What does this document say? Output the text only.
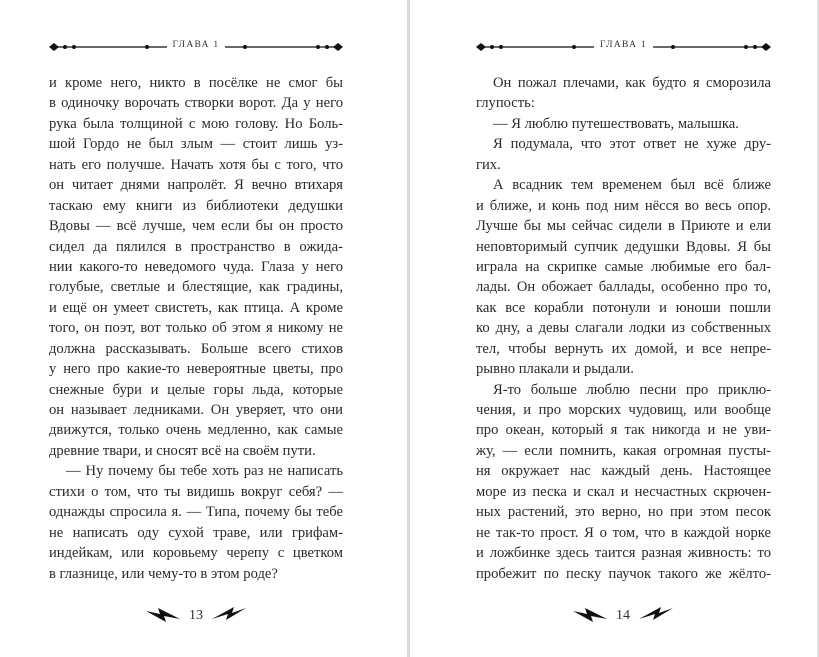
ГЛАВА 1
и кроме него, никто в посёлке не смог бы
в одиночку ворочать створки ворот. Да у него
рука была толщиной с мою голову. Но Боль-
шой Гордо не был злым — стоит лишь уз-
нать его получше. Начать хотя бы с того, что
он читает днями напролёт. Я вечно втихаря
таскаю ему книги из библиотеки дедушки
Вдовы — всё лучше, чем если бы он просто
сидел да пялился в пространство в ожида-
нии какого-то неведомого чуда. Глаза у него
голубые, светлые и блестящие, как градины,
и ещё он умеет свистеть, как птица. А кроме
того, он поэт, вот только об этом я никому не
должна рассказывать. Больше всего стихов
у него про какие-то невероятные цветы, про
снежные бури и целые горы льда, которые
он называет ледниками. Он уверяет, что они
движутся, только очень медленно, как самые
древние твари, и сносят всё на своём пути.
— Ну почему бы тебе хоть раз не написать
стихи о том, что ты видишь вокруг себя? —
однажды спросила я. — Типа, почему бы тебе
не написать оду сухой траве, или грифам-
индейкам, или коровьему черепу с цветком
в глазнице, или чему-то в этом роде?
13
ГЛАВА 1
Он пожал плечами, как будто я сморозила
глупость:
— Я люблю путешествовать, малышка.
Я подумала, что этот ответ не хуже дру-
гих.
А всадник тем временем был всё ближе
и ближе, и конь под ним нёсся во весь опор.
Лучше бы мы сейчас сидели в Приюте и ели
неповторимый супчик дедушки Вдовы. Я бы
играла на скрипке самые любимые его бал-
лады. Он обожает баллады, особенно про то,
как все корабли потонули и юноши пошли
ко дну, а девы слагали лодки из собственных
тел, чтобы вернуть их домой, и все непре-
рывно плакали и рыдали.
Я-то больше люблю песни про приклю-
чения, и про морских чудовищ, или вообще
про океан, который я так никогда и не уви-
жу, — если помнить, какая огромная пусты-
ня окружает нас каждый день. Настоящее
море из песка и скал и несчастных скрючен-
ных растений, это верно, но при этом песок
не так-то прост. Я о том, что в каждой норке
и ложбинке здесь таится разная живность: то
пробежит по песку паучок такого же жёлто-
14
